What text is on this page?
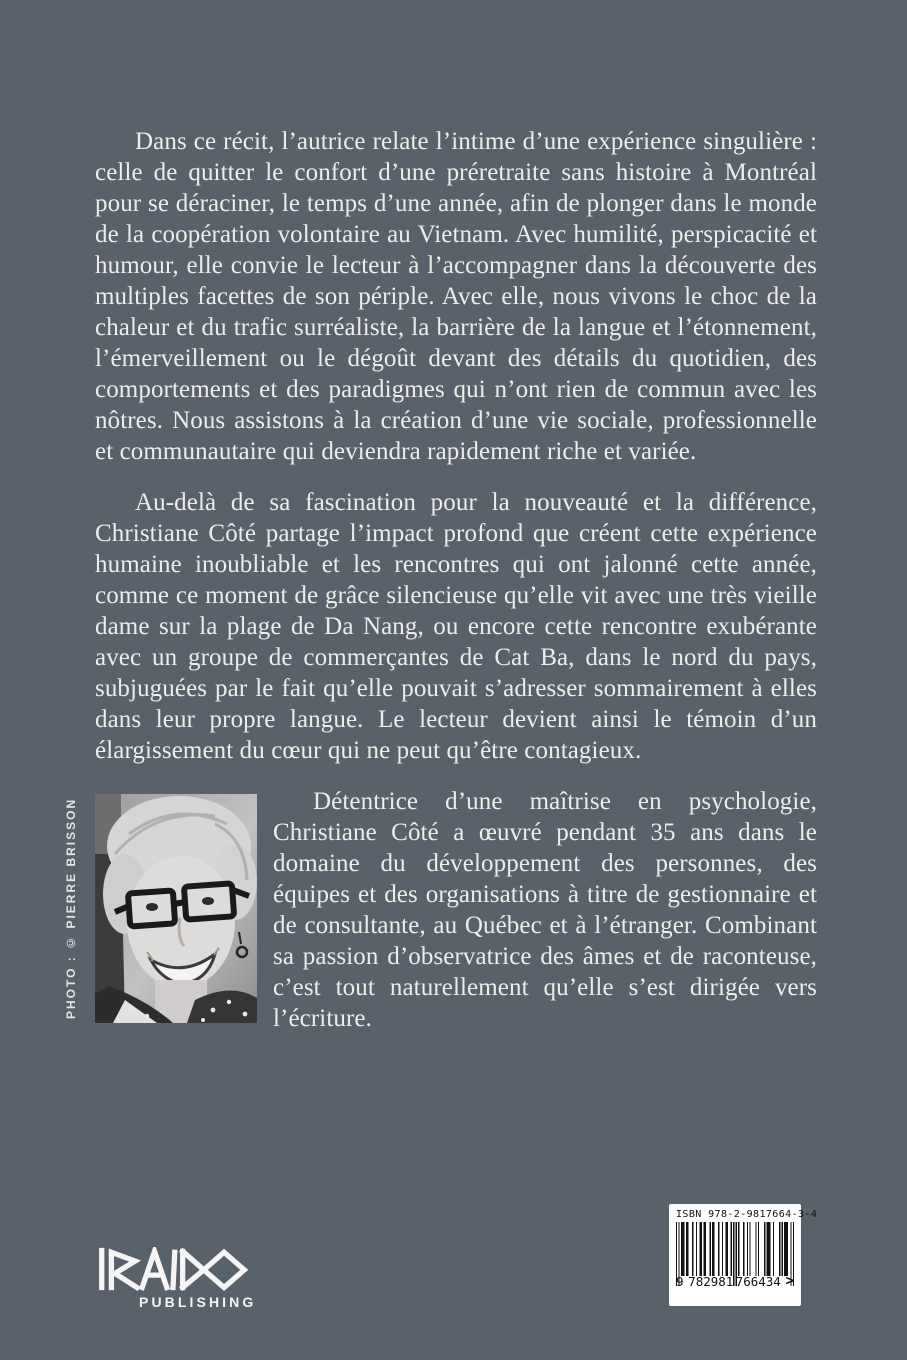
Dans ce récit, l’autrice relate l’intime d’une expérience singulière : celle de quitter le confort d’une préretraite sans histoire à Montréal pour se déraciner, le temps d’une année, afin de plonger dans le monde de la coopération volontaire au Vietnam. Avec humilité, perspicacité et humour, elle convie le lecteur à l’accompagner dans la découverte des multiples facettes de son périple. Avec elle, nous vivons le choc de la chaleur et du trafic surréaliste, la barrière de la langue et l’étonnement, l’émerveillement ou le dégoût devant des détails du quotidien, des comportements et des paradigmes qui n’ont rien de commun avec les nôtres. Nous assistons à la création d’une vie sociale, professionnelle et communautaire qui deviendra rapidement riche et variée.

Au-delà de sa fascination pour la nouveauté et la différence, Christiane Côté partage l’impact profond que créent cette expérience humaine inoubliable et les rencontres qui ont jalonné cette année, comme ce moment de grâce silencieuse qu’elle vit avec une très vieille dame sur la plage de Da Nang, ou encore cette rencontre exubérante avec un groupe de commerçantes de Cat Ba, dans le nord du pays, subjuguées par le fait qu’elle pouvait s’adresser sommairement à elles dans leur propre langue. Le lecteur devient ainsi le témoin d’un élargissement du cœur qui ne peut qu’être contagieux.

PHOTO : © PIERRE BRISSON	Détentrice d’une maîtrise en psychologie, Christiane Côté a œuvré pendant 35 ans dans le domaine du développement des personnes, des équipes et des organisations à titre de gestionnaire et de consultante, au Québec et à l’étranger. Combinant sa passion d’observatrice des âmes et de raconteuse, c’est tout naturellement qu’elle s’est dirigée vers l’écriture.

PUBLISHING
ISBN 978-2-9817664-3-4
9 782981 766434 >
